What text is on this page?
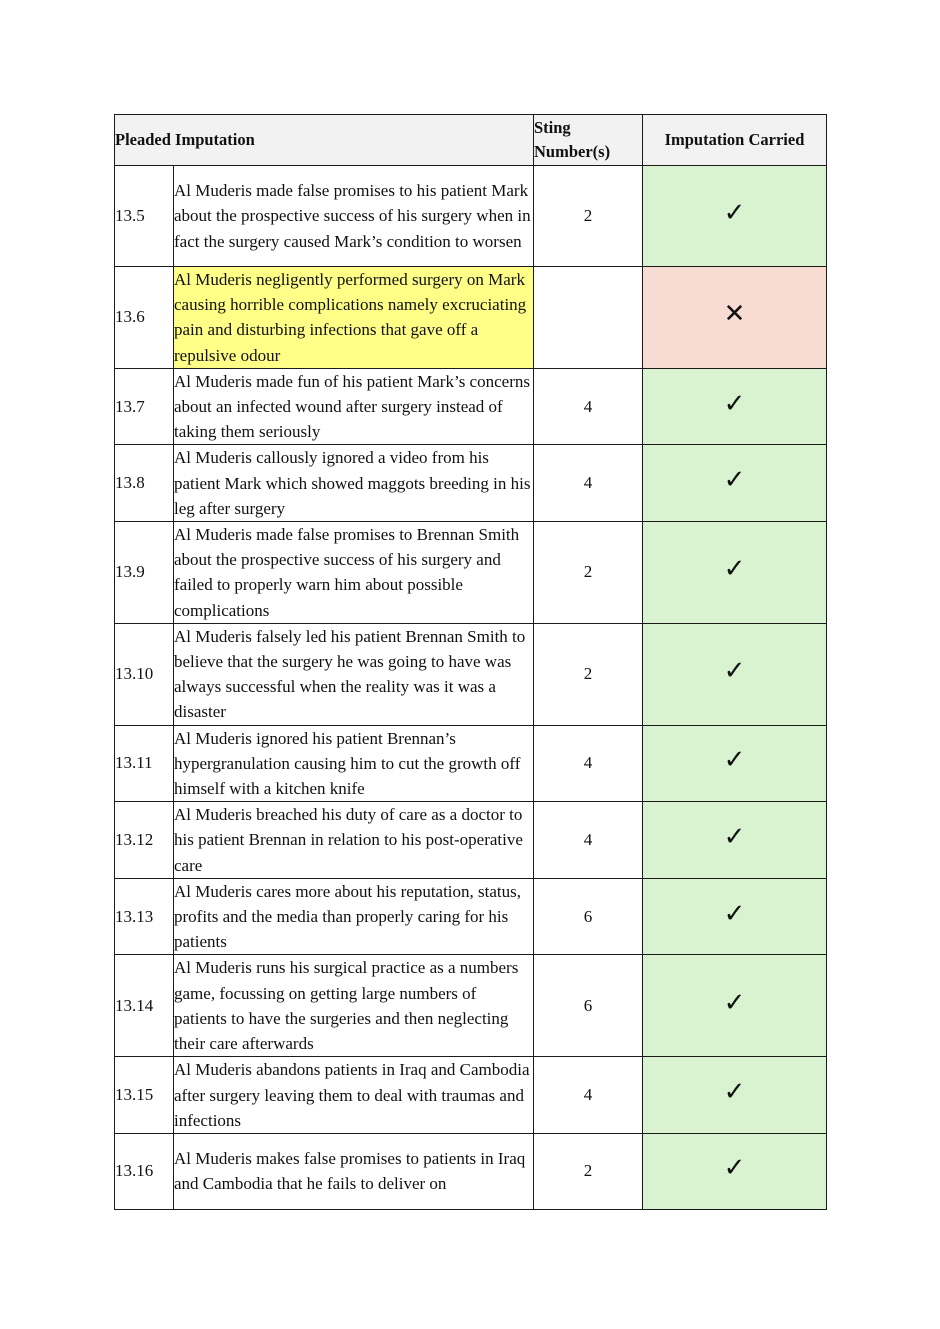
Pleaded Imputation		Sting Number(s)	Imputation Carried
13.5	Al Muderis made false promises to his patient Mark about the prospective success of his surgery when in fact the surgery caused Mark’s condition to worsen	2	✓
13.6	Al Muderis negligently performed surgery on Mark causing horrible complications namely excruciating pain and disturbing infections that gave off a repulsive odour		✕
13.7	Al Muderis made fun of his patient Mark’s concerns about an infected wound after surgery instead of taking them seriously	4	✓
13.8	Al Muderis callously ignored a video from his patient Mark which showed maggots breeding in his leg after surgery	4	✓
13.9	Al Muderis made false promises to Brennan Smith about the prospective success of his surgery and failed to properly warn him about possible complications	2	✓
13.10	Al Muderis falsely led his patient Brennan Smith to believe that the surgery he was going to have was always successful when the reality was it was a disaster	2	✓
13.11	Al Muderis ignored his patient Brennan’s hypergranulation causing him to cut the growth off himself with a kitchen knife	4	✓
13.12	Al Muderis breached his duty of care as a doctor to his patient Brennan in relation to his post-operative care	4	✓
13.13	Al Muderis cares more about his reputation, status, profits and the media than properly caring for his patients	6	✓
13.14	Al Muderis runs his surgical practice as a numbers game, focussing on getting large numbers of patients to have the surgeries and then neglecting their care afterwards	6	✓
13.15	Al Muderis abandons patients in Iraq and Cambodia after surgery leaving them to deal with traumas and infections	4	✓
13.16	Al Muderis makes false promises to patients in Iraq and Cambodia that he fails to deliver on	2	✓
